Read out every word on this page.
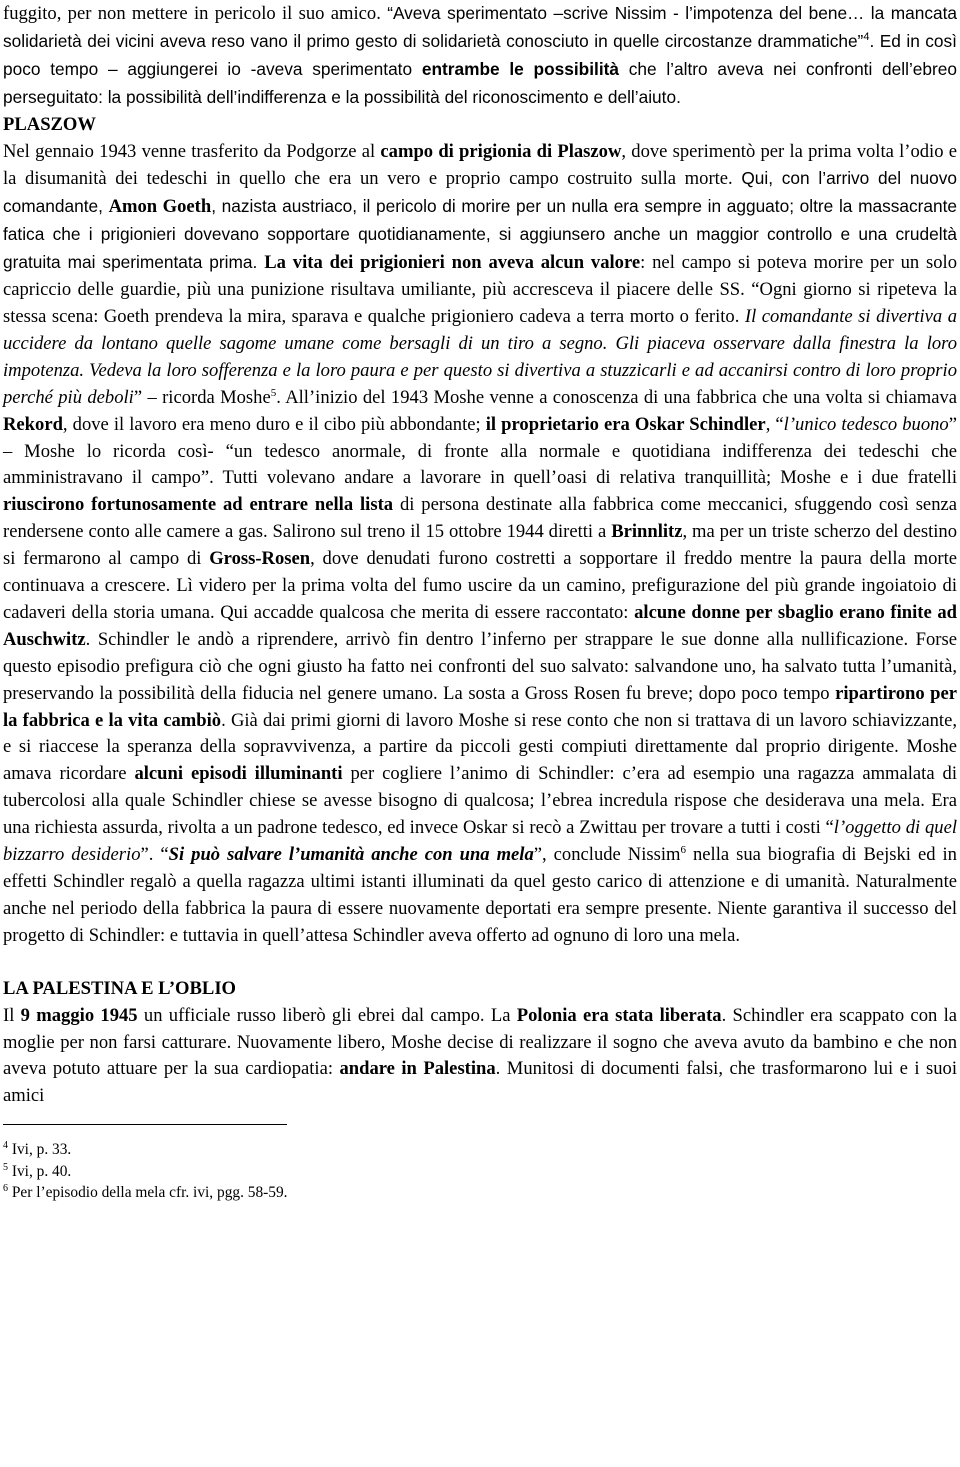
fuggito, per non mettere in pericolo il suo amico. “Aveva sperimentato –scrive Nissim - l’impotenza del bene… la mancata solidarietà dei vicini aveva reso vano il primo gesto di solidarietà conosciuto in quelle circostanze drammatiche”$^4$. Ed in così poco tempo – aggiungerei io -aveva sperimentato entrambe le possibilità che l’altro aveva nei confronti dell’ebreo perseguitato: la possibilità dell’indifferenza e la possibilità del riconoscimento e dell’aiuto.

PLASZOW

Nel gennaio 1943 venne trasferito da Podgorze al campo di prigionia di Plaszow, dove sperimentò per la prima volta l’odio e la disumanità dei tedeschi in quello che era un vero e proprio campo costruito sulla morte. Qui, con l’arrivo del nuovo comandante, Amon Goeth, nazista austriaco, il pericolo di morire per un nulla era sempre in agguato; oltre la massacrante fatica che i prigionieri dovevano sopportare quotidianamente, si aggiunsero anche un maggior controllo e una crudeltà gratuita mai sperimentata prima. La vita dei prigionieri non aveva alcun valore: nel campo si poteva morire per un solo capriccio delle guardie, più una punizione risultava umiliante, più accresceva il piacere delle SS. “Ogni giorno si ripeteva la stessa scena: Goeth prendeva la mira, sparava e qualche prigioniero cadeva a terra morto o ferito. Il comandante si divertiva a uccidere da lontano quelle sagome umane come bersagli di un tiro a segno. Gli piaceva osservare dalla finestra la loro impotenza. Vedeva la loro sofferenza e la loro paura e per questo si divertiva a stuzzicarli e ad accanirsi contro di loro proprio perché più deboli” – ricorda Moshe$^5$. All’inizio del 1943 Moshe venne a conoscenza di una fabbrica che una volta si chiamava Rekord, dove il lavoro era meno duro e il cibo più abbondante; il proprietario era Oskar Schindler, “l’unico tedesco buono” – Moshe lo ricorda così- “un tedesco anormale, di fronte alla normale e quotidiana indifferenza dei tedeschi che amministravano il campo”. Tutti volevano andare a lavorare in quell’oasi di relativa tranquillità; Moshe e i due fratelli riuscirono fortunosamente ad entrare nella lista di persona destinate alla fabbrica come meccanici, sfuggendo così senza rendersene conto alle camere a gas. Salirono sul treno il 15 ottobre 1944 diretti a Brinnlitz, ma per un triste scherzo del destino si fermarono al campo di Gross-Rosen, dove denudati furono costretti a sopportare il freddo mentre la paura della morte continuava a crescere. Lì videro per la prima volta del fumo uscire da un camino, prefigurazione del più grande ingoiatoio di cadaveri della storia umana. Qui accadde qualcosa che merita di essere raccontato: alcune donne per sbaglio erano finite ad Auschwitz. Schindler le andò a riprendere, arrivò fin dentro l’inferno per strappare le sue donne alla nullificazione. Forse questo episodio prefigura ciò che ogni giusto ha fatto nei confronti del suo salvato: salvandone uno, ha salvato tutta l’umanità, preservando la possibilità della fiducia nel genere umano. La sosta a Gross Rosen fu breve; dopo poco tempo ripartirono per la fabbrica e la vita cambiò. Già dai primi giorni di lavoro Moshe si rese conto che non si trattava di un lavoro schiavizzante, e si riaccese la speranza della sopravvivenza, a partire da piccoli gesti compiuti direttamente dal proprio dirigente. Moshe amava ricordare alcuni episodi illuminanti per cogliere l’animo di Schindler: c’era ad esempio una ragazza ammalata di tubercolosi alla quale Schindler chiese se avesse bisogno di qualcosa; l’ebrea incredula rispose che desiderava una mela. Era una richiesta assurda, rivolta a un padrone tedesco, ed invece Oskar si recò a Zwittau per trovare a tutti i costi “l’oggetto di quel bizzarro desiderio”. “Si può salvare l’umanità anche con una mela”, conclude Nissim$^6$ nella sua biografia di Bejski ed in effetti Schindler regalò a quella ragazza ultimi istanti illuminati da quel gesto carico di attenzione e di umanità. Naturalmente anche nel periodo della fabbrica la paura di essere nuovamente deportati era sempre presente. Niente garantiva il successo del progetto di Schindler: e tuttavia in quell’attesa Schindler aveva offerto ad ognuno di loro una mela.

LA PALESTINA E L’OBLIO

Il 9 maggio 1945 un ufficiale russo liberò gli ebrei dal campo. La Polonia era stata liberata. Schindler era scappato con la moglie per non farsi catturare. Nuovamente libero, Moshe decise di realizzare il sogno che aveva avuto da bambino e che non aveva potuto attuare per la sua cardiopatia: andare in Palestina. Munitosi di documenti falsi, che trasformarono lui e i suoi amici

$^4$ Ivi, p. 33.

$^5$ Ivi, p. 40.

$^6$ Per l’episodio della mela cfr. ivi, pgg. 58-59.
